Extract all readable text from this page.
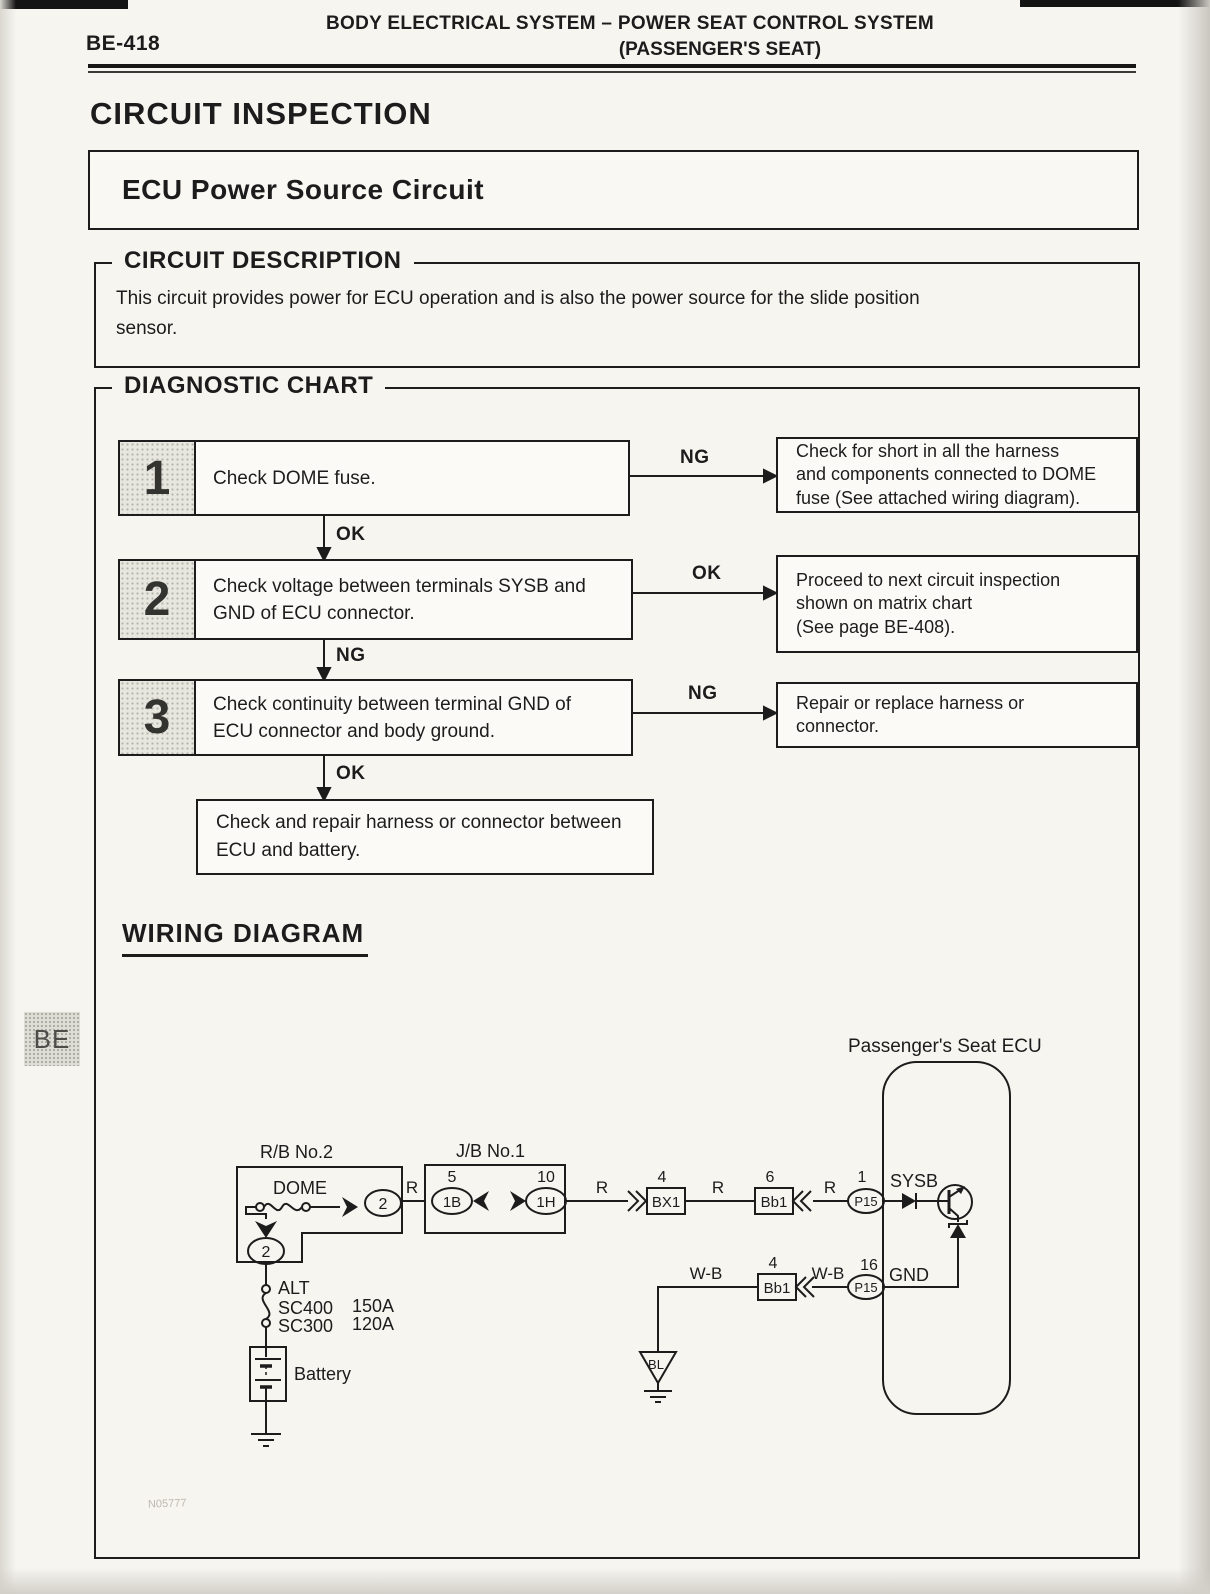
BE-418
BODY ELECTRICAL SYSTEM – POWER SEAT CONTROL SYSTEM
(PASSENGER'S SEAT)
CIRCUIT INSPECTION
ECU Power Source Circuit
CIRCUIT DESCRIPTION
This circuit provides power for ECU operation and is also the power source for the slide position
sensor.
DIAGNOSTIC CHART
1	Check DOME fuse.
2	Check voltage between terminals SYSB and
GND of ECU connector.
3	Check continuity between terminal GND of
ECU connector and body ground.
Check for short in all the harness
and components connected to DOME
fuse (See attached wiring diagram).
Proceed to next circuit inspection
shown on matrix chart
(See page BE-408).
Repair or replace harness or
connector.
Check and repair harness or connector between
ECU and battery.
NG
OK
OK
NG
NG
OK
WIRING DIAGRAM
Passenger's Seat ECU
R/B No.2
DOME
2
2
R
J/B No.1
5
1B
10
1H
R
4
BX1
R
6
Bb1
R
1
P15
SYSB
16
P15
GND
W-B
4
Bb1
W-B
BL
ALT
SC400 150A
SC300 120A
Battery
BE
N05777
